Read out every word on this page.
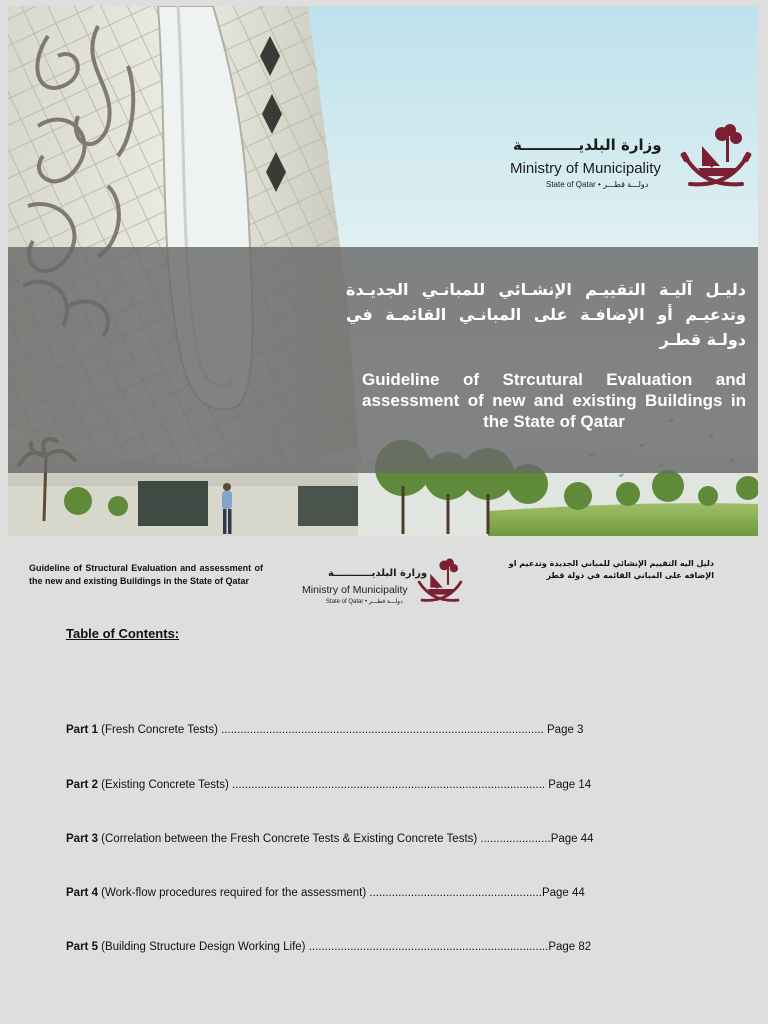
وزارة البلديـــــــــــة
Ministry of Municipality
State of Qatar • دولـــة قطـــر
دليـل آليـة التقييـم الإنشـائي للمبانـي الجديـدة وتدعيـم أو الإضافـة على المبانـي القائمـة في دولـة قطـر
Guideline of Strcutural Evaluation and assessment of new and existing Buildings in the State of Qatar
Guideline of Structural Evaluation and assessment of the new and existing Buildings in the State of Qatar
وزارة البلديـــــــــــة
Ministry of Municipality
State of Qatar • دولـــة قطـــر
دليل اليه التقييم الإنشائي للمباني الجديدة وتدعيم او الإضافه على المباني القائمه في دولة قطر
Table of Contents:
Part 1 (Fresh Concrete Tests) ..................................................................................................... Page 3
Part 2 (Existing Concrete Tests) .................................................................................................. Page 14
Part 3 (Correlation between the Fresh Concrete Tests & Existing Concrete Tests) ......................Page 44
Part 4 (Work-flow procedures required for the assessment) ......................................................Page 44
Part 5 (Building Structure Design Working Life) ...........................................................................Page 82
